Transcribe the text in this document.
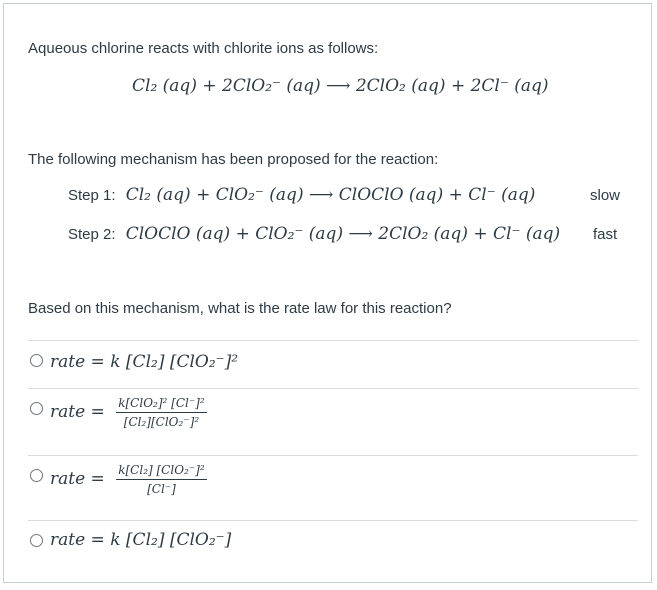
Aqueous chlorine reacts with chlorite ions as follows:
Cl₂ (aq) + 2ClO₂⁻ (aq) ⟶ 2ClO₂ (aq) + 2Cl⁻ (aq)
The following mechanism has been proposed for the reaction:
Step 1: Cl₂ (aq) + ClO₂⁻ (aq) ⟶ ClOClO (aq) + Cl⁻ (aq)	slow
Step 2: ClOClO (aq) + ClO₂⁻ (aq) ⟶ 2ClO₂ (aq) + Cl⁻ (aq) fast
Based on this mechanism, what is the rate law for this reaction?
rate = k [Cl₂] [ClO₂⁻]²
rate = $\frac{\text{k[ClO₂]² [Cl⁻]²}}{\text{[Cl₂][ClO₂⁻]²}}$
rate = $\frac{\text{k[Cl₂] [ClO₂⁻]²}}{[Cl^-]}$
rate = k [Cl₂] [ClO₂⁻]
